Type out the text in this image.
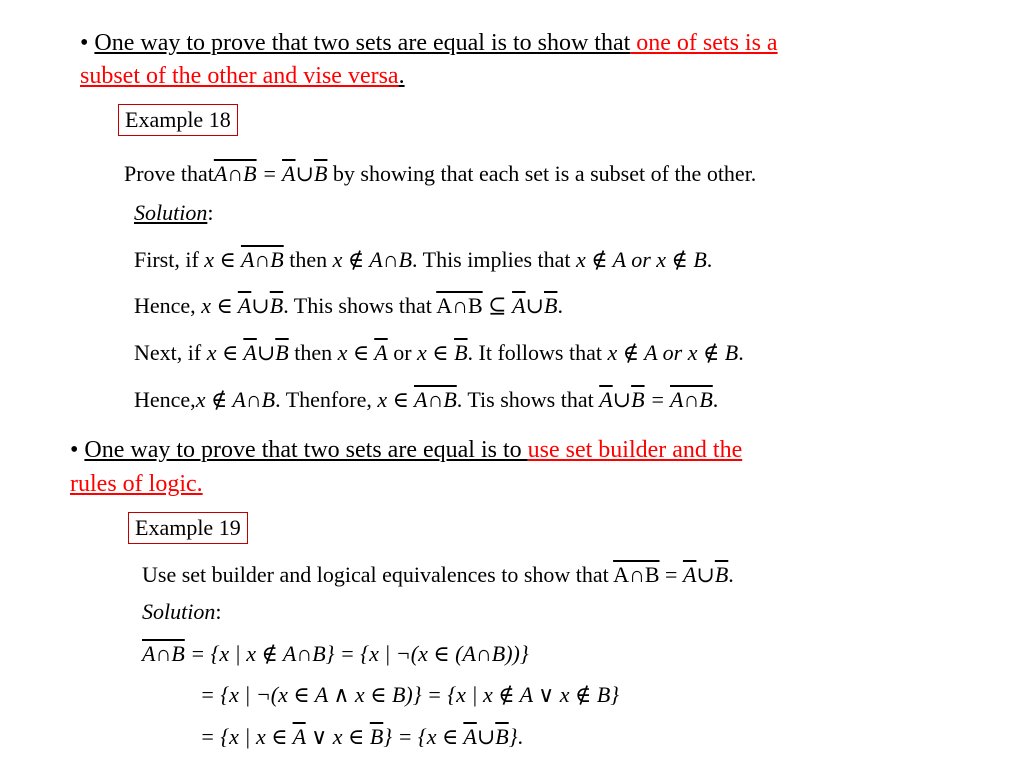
• One way to prove that two sets are equal is to show that one of sets is a
subset of the other and vise versa.
Example 18
Prove that A∩B = $\overline{A}\cup\overline{B}$ by showing that each set is a subset of the other.
Solution:
First, if x ∈ A∩B then x ∉ A∩B. This implies that x ∉ A or x ∉ B.
Hence, x ∈ $\overline{A}\cup\overline{B}$. This shows that A∩B ⊆ $\overline{A}\cup\overline{B}$.
Next, if x ∈ $\overline{A}\cup\overline{B}$ then x ∈ $\overline{A}$ or x ∈ $\overline{B}$. It follows that x ∉ A or x ∉ B.
Hence,x ∉ A∩B. Thenfore, x ∈ A∩B. Tis shows that $\overline{A}\cup\overline{B}$ = A∩B.
• One way to prove that two sets are equal is to use set builder and the
rules of logic.
Example 19
Use set builder and logical equivalences to show that A∩B = $\overline{A}\cup\overline{B}$.
Solution:
A∩B = {x | x ∉ A∩B} = {x | ¬(x ∈ (A∩B))}
= {x | ¬(x ∈ A ∧ x ∈ B)} = {x | x ∉ A ∨ x ∉ B}
= {x | x ∈ $\overline{A}$ ∨ x ∈ $\overline{B}\} = \{x$ ∈ $\overline{A}\cup\overline{B}$}.
